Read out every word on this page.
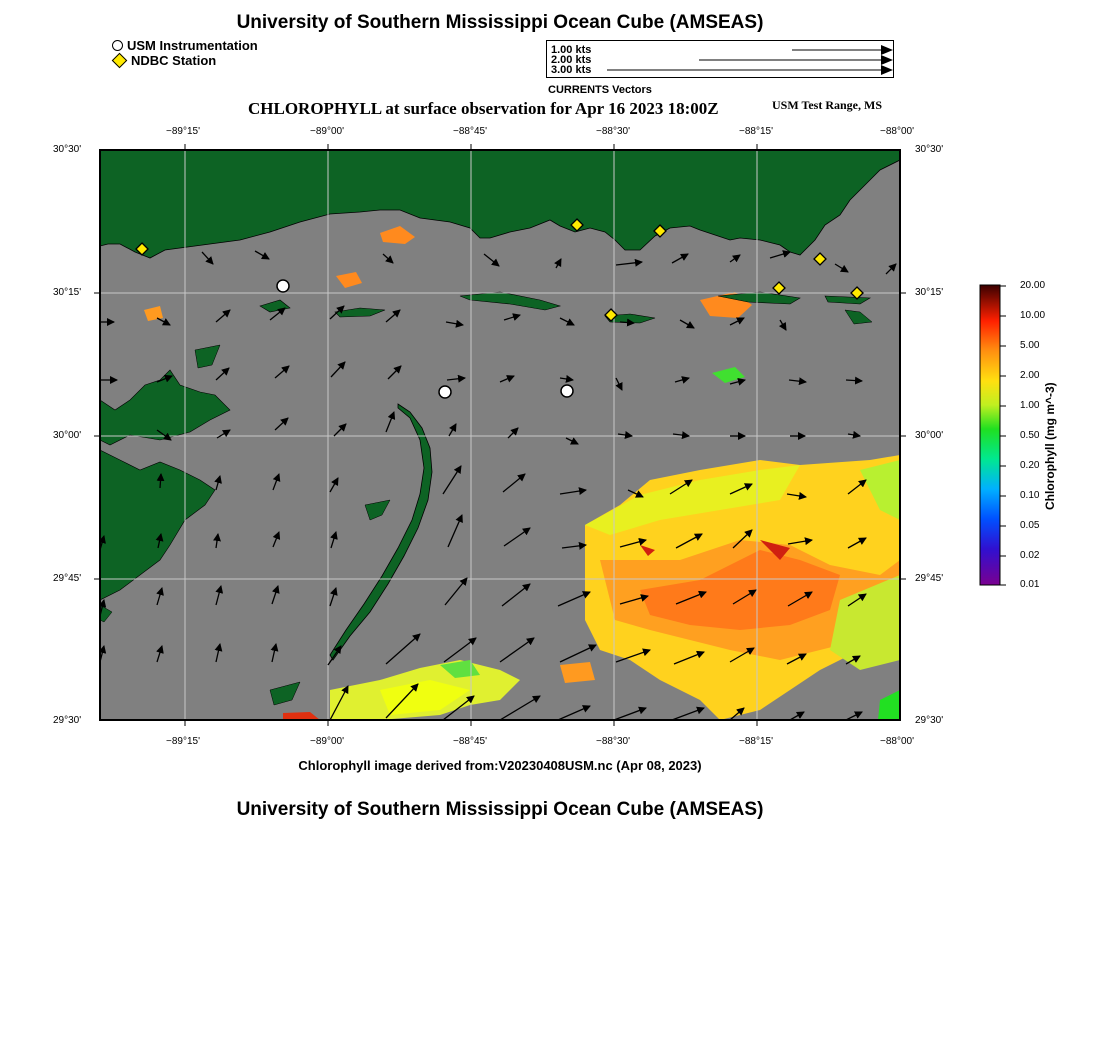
University of Southern Mississippi Ocean Cube (AMSEAS)
USM Instrumentation
NDBC Station
1.00 kts
2.00 kts
3.00 kts
CURRENTS Vectors
CHLOROPHYLL at surface observation for Apr 16 2023 18:00Z	USM Test Range, MS
−89°15'	−89°00'	−88°45'	−88°30'	−88°15'	−88°00'
−89°15'	−89°00'	−88°45'	−88°30'	−88°15'	−88°00'
30°30'
30°15'
30°00'
29°45'
29°30'
30°30'
30°15'
30°00'
29°45'
29°30'
20.00
10.00
5.00
2.00
1.00
0.50
0.20
0.10
0.05
0.02
0.01
Chlorophyll (mg m^-3)
Chlorophyll image derived from:V20230408USM.nc (Apr 08, 2023)
University of Southern Mississippi Ocean Cube (AMSEAS)
